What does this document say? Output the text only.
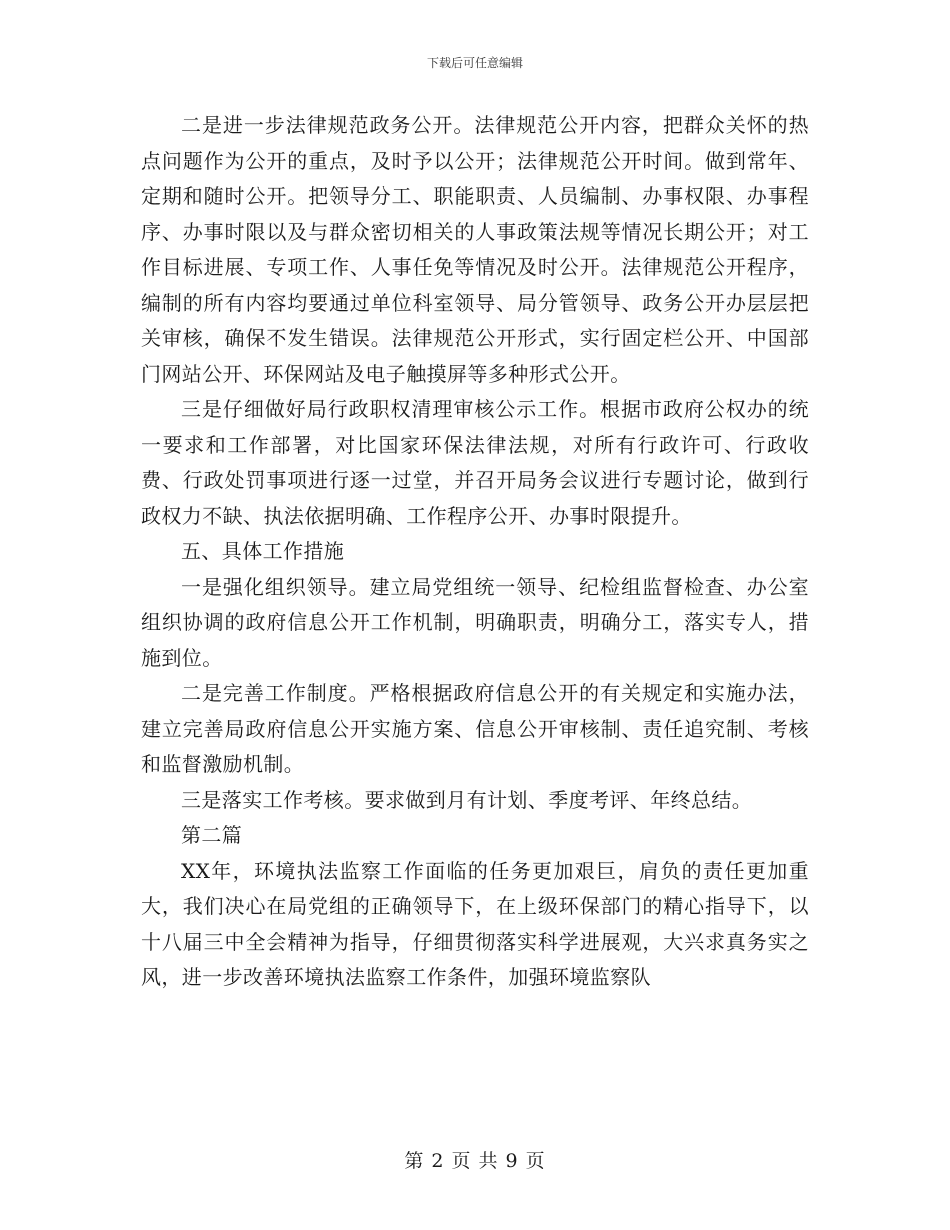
下载后可任意编辑

二是进一步法律规范政务公开。法律规范公开内容，把群众关怀的热点问题作为公开的重点，及时予以公开；法律规范公开时间。做到常年、定期和随时公开。把领导分工、职能职责、人员编制、办事权限、办事程序、办事时限以及与群众密切相关的人事政策法规等情况长期公开；对工作目标进展、专项工作、人事任免等情况及时公开。法律规范公开程序，编制的所有内容均要通过单位科室领导、局分管领导、政务公开办层层把关审核，确保不发生错误。法律规范公开形式，实行固定栏公开、中国部门网站公开、环保网站及电子触摸屏等多种形式公开。

三是仔细做好局行政职权清理审核公示工作。根据市政府公权办的统一要求和工作部署，对比国家环保法律法规，对所有行政许可、行政收费、行政处罚事项进行逐一过堂，并召开局务会议进行专题讨论，做到行政权力不缺、执法依据明确、工作程序公开、办事时限提升。

五、具体工作措施

一是强化组织领导。建立局党组统一领导、纪检组监督检查、办公室组织协调的政府信息公开工作机制，明确职责，明确分工，落实专人，措施到位。

二是完善工作制度。严格根据政府信息公开的有关规定和实施办法，建立完善局政府信息公开实施方案、信息公开审核制、责任追究制、考核和监督激励机制。

三是落实工作考核。要求做到月有计划、季度考评、年终总结。

第二篇

XX年，环境执法监察工作面临的任务更加艰巨，肩负的责任更加重大，我们决心在局党组的正确领导下，在上级环保部门的精心指导下，以十八届三中全会精神为指导，仔细贯彻落实科学进展观，大兴求真务实之风，进一步改善环境执法监察工作条件，加强环境监察队

第 2 页 共 9 页
